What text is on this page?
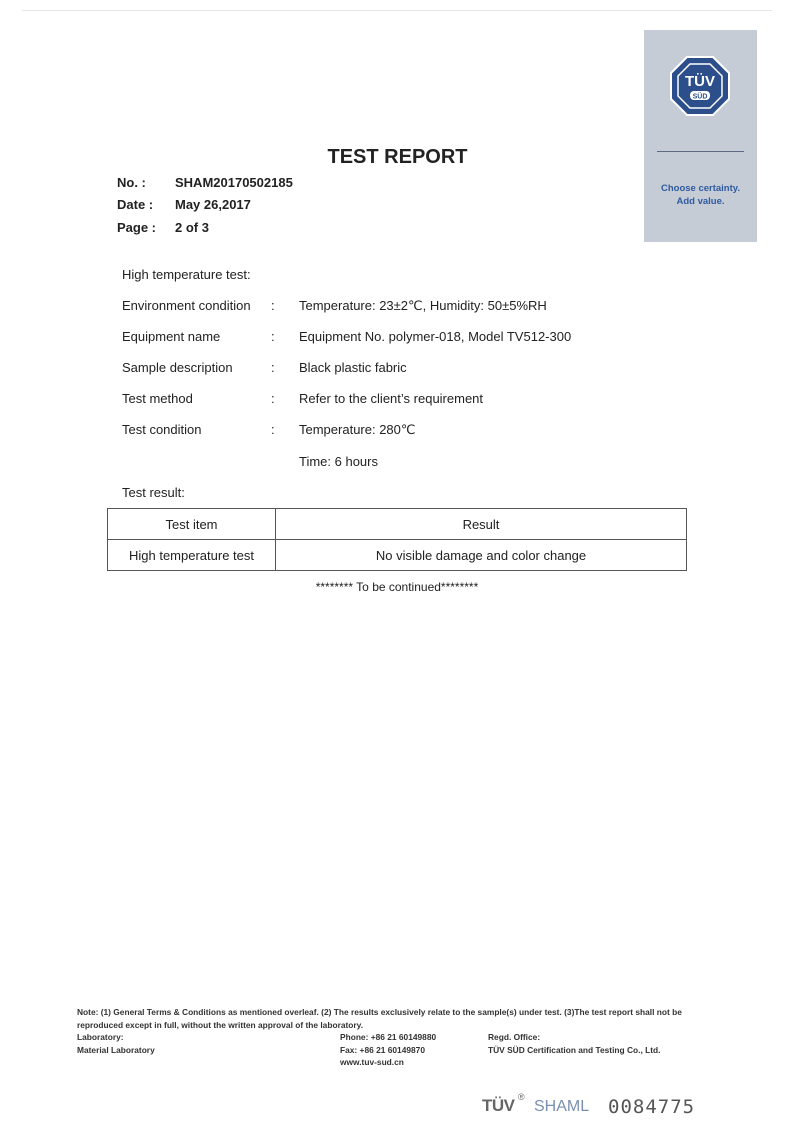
TÜV
SÜD
Choose certainty.
Add value.
TEST REPORT
No. : SHAM20170502185
Date : May 26,2017
Page : 2 of 3
High temperature test:
Environment condition : Temperature: 23±2℃, Humidity: 50±5%RH
Equipment name	: Equipment No. polymer-018, Model TV512-300
Sample description	: Black plastic fabric
Test method	: Refer to the client’s requirement
Test condition	: Temperature: 280℃
Time: 6 hours
Test result:
Test item	Result
High temperature test	No visible damage and color change
******** To be continued********
Note: (1) General Terms & Conditions as mentioned overleaf. (2) The results exclusively relate to the sample(s) under test. (3)The test report shall not be
reproduced except in full, without the written approval of the laboratory.
Laboratory:
Material Laboratory
Phone: +86 21 60149880
Fax: +86 21 60149870
www.tuv-sud.cn
Regd. Office:
TÜV SÜD Certification and Testing Co., Ltd.
TÜV ®
SHAML 0084775
